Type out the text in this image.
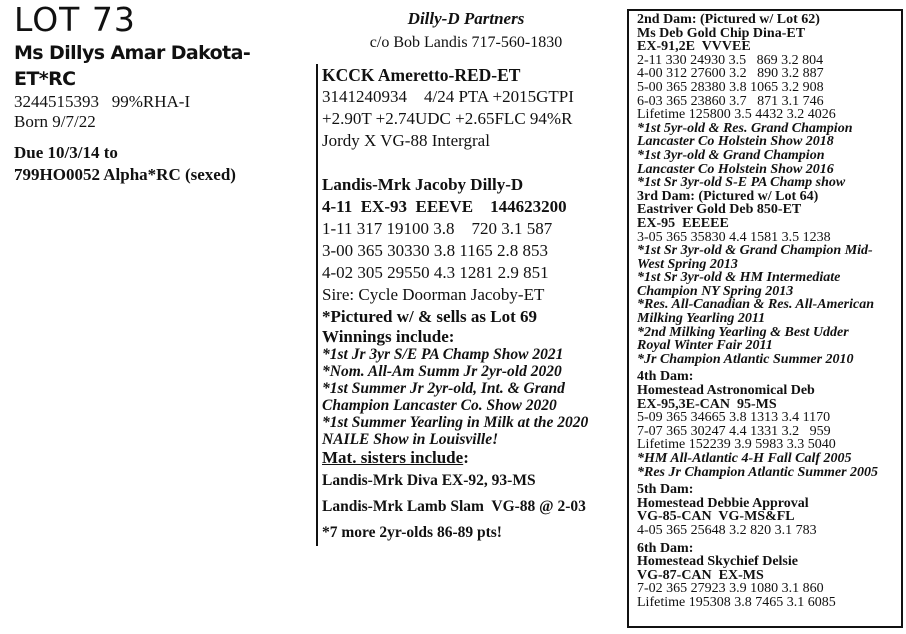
LOT 73
Ms Dillys Amar Dakota-ET*RC
3244515393   99%RHA-I
Born 9/7/22
Due 10/3/14 to
799HO0052 Alpha*RC (sexed)
Dilly-D Partners
c/o Bob Landis 717-560-1830
KCCK Ameretto-RED-ET
3141240934    4/24 PTA +2015GTPI
+2.90T +2.74UDC +2.65FLC 94%R
Jordy X VG-88 Intergral
Landis-Mrk Jacoby Dilly-D
4-11  EX-93  EEEVE    144623200
1-11 317 19100 3.8    720 3.1 587
3-00 365 30330 3.8 1165 2.8 853
4-02 305 29550 4.3 1281 2.9 851
Sire: Cycle Doorman Jacoby-ET
*Pictured w/ & sells as Lot 69
Winnings include:
*1st Jr 3yr S/E PA Champ Show 2021
*Nom. All-Am Summ Jr 2yr-old 2020
*1st Summer Jr 2yr-old, Int. & Grand
Champion Lancaster Co. Show 2020
*1st Summer Yearling in Milk at the 2020
NAILE Show in Louisville!
Mat. sisters include:
Landis-Mrk Diva EX-92, 93-MS
Landis-Mrk Lamb Slam  VG-88 @ 2-03
*7 more 2yr-olds 86-89 pts!
2nd Dam: (Pictured w/ Lot 62)
Ms Deb Gold Chip Dina-ET
EX-91,2E  VVVEE
2-11 330 24930 3.5   869 3.2 804
4-00 312 27600 3.2   890 3.2 887
5-00 365 28380 3.8 1065 3.2 908
6-03 365 23860 3.7   871 3.1 746
Lifetime 125800 3.5 4432 3.2 4026
*1st 5yr-old & Res. Grand Champion
Lancaster Co Holstein Show 2018
*1st 3yr-old & Grand Champion
Lancaster Co Holstein Show 2016
*1st Sr 3yr-old S-E PA Champ show
3rd Dam: (Pictured w/ Lot 64)
Eastriver Gold Deb 850-ET
EX-95  EEEEE
3-05 365 35830 4.4 1581 3.5 1238
*1st Sr 3yr-old & Grand Champion Mid-
West Spring 2013
*1st Sr 3yr-old & HM Intermediate
Champion NY Spring 2013
*Res. All-Canadian & Res. All-American
Milking Yearling 2011
*2nd Milking Yearling & Best Udder
Royal Winter Fair 2011
*Jr Champion Atlantic Summer 2010
4th Dam:
Homestead Astronomical Deb
EX-95,3E-CAN  95-MS
5-09 365 34665 3.8 1313 3.4 1170
7-07 365 30247 4.4 1331 3.2   959
Lifetime 152239 3.9 5983 3.3 5040
*HM All-Atlantic 4-H Fall Calf 2005
*Res Jr Champion Atlantic Summer 2005
5th Dam:
Homestead Debbie Approval
VG-85-CAN  VG-MS&FL
4-05 365 25648 3.2 820 3.1 783
6th Dam:
Homestead Skychief Delsie
VG-87-CAN  EX-MS
7-02 365 27923 3.9 1080 3.1 860
Lifetime 195308 3.8 7465 3.1 6085
